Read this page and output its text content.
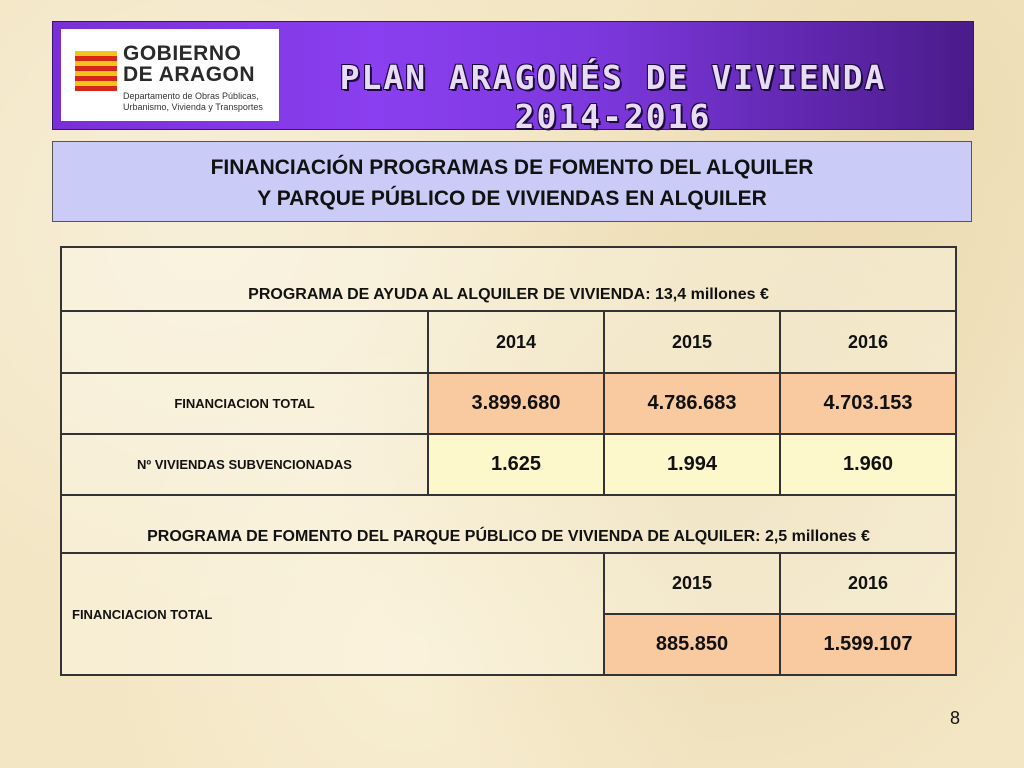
GOBIERNO
DE ARAGON
Departamento de Obras Públicas,
Urbanismo, Vivienda y Transportes
PLAN ARAGONÉS DE VIVIENDA 2014-2016
FINANCIACIÓN PROGRAMAS DE FOMENTO DEL ALQUILER
Y PARQUE PÚBLICO DE VIVIENDAS EN ALQUILER
PROGRAMA DE AYUDA AL ALQUILER DE VIVIENDA: 13,4 millones €
2014	2015	2016
FINANCIACION TOTAL	3.899.680	4.786.683	4.703.153
Nº VIVIENDAS SUBVENCIONADAS	1.625	1.994	1.960
PROGRAMA DE FOMENTO DEL PARQUE PÚBLICO DE VIVIENDA DE ALQUILER: 2,5 millones €
FINANCIACION TOTAL
2015	2016
885.850	1.599.107
8
